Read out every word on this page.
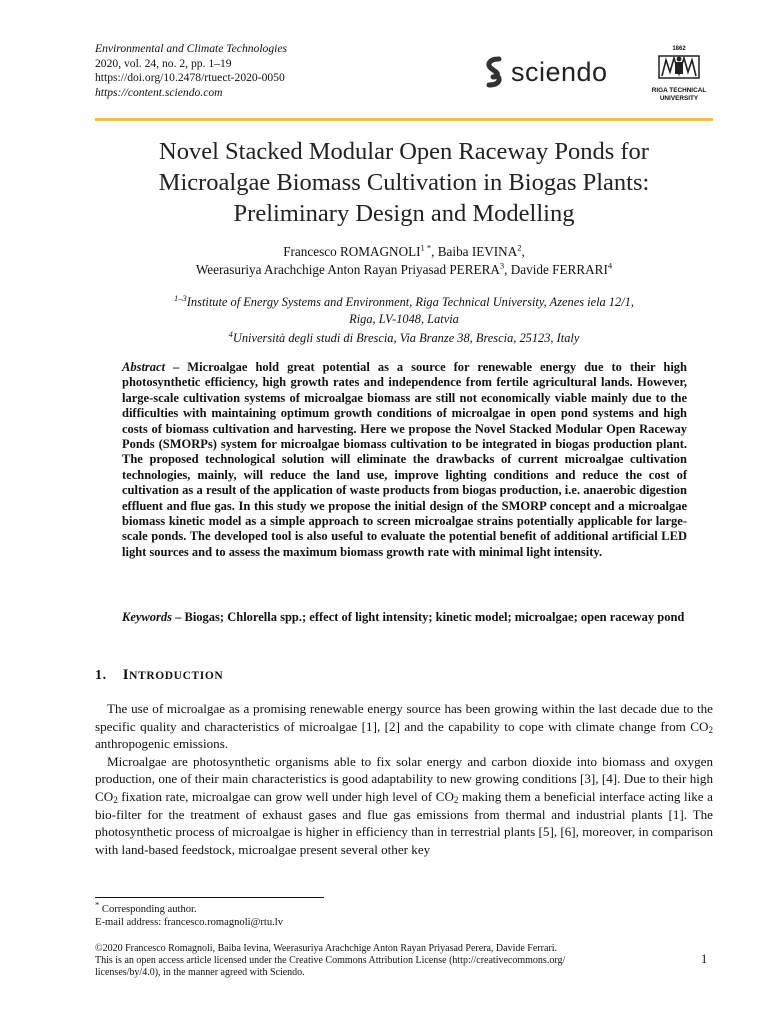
Environmental and Climate Technologies
2020, vol. 24, no. 2, pp. 1–19
https://doi.org/10.2478/rtuect-2020-0050
https://content.sciendo.com
sciendo
1862
RIGA TECHNICAL
UNIVERSITY
Novel Stacked Modular Open Raceway Ponds for
Microalgae Biomass Cultivation in Biogas Plants:
Preliminary Design and Modelling
Francesco $ROMAGNOLI^{1 *}$, Baiba IEVINA$^2$,
Weerasuriya Arachchige Anton Rayan Priyasad PERERA$^3$, Davide FERRARI$^4$
$^{1-3}$Institute of Energy Systems and Environment, Riga Technical University, Azenes iela 12/1,
Riga, LV-1048, Latvia
$^4$Università degli studi di Brescia, Via Branze 38, Brescia, 25123, Italy
Abstract – Microalgae hold great potential as a source for renewable energy due to their high photosynthetic efficiency, high growth rates and independence from fertile agricultural lands. However, large-scale cultivation systems of microalgae biomass are still not economically viable mainly due to the difficulties with maintaining optimum growth conditions of microalgae in open pond systems and high costs of biomass cultivation and harvesting. Here we propose the Novel Stacked Modular Open Raceway Ponds (SMORPs) system for microalgae biomass cultivation to be integrated in biogas production plant. The proposed technological solution will eliminate the drawbacks of current microalgae cultivation technologies, mainly, will reduce the land use, improve lighting conditions and reduce the cost of cultivation as a result of the application of waste products from biogas production, i.e. anaerobic digestion effluent and flue gas. In this study we propose the initial design of the SMORP concept and a microalgae biomass kinetic model as a simple approach to screen microalgae strains potentially applicable for large-scale ponds. The developed tool is also useful to evaluate the potential benefit of additional artificial LED light sources and to assess the maximum biomass growth rate with minimal light intensity.
Keywords – Biogas; Chlorella spp.; effect of light intensity; kinetic model; microalgae; open raceway pond
1. INTRODUCTION

The use of microalgae as a promising renewable energy source has been growing within the last decade due to the specific quality and characteristics of microalgae [1], [2] and the capability to cope with climate change from $CO_2$ anthropogenic emissions.

Microalgae are photosynthetic organisms able to fix solar energy and carbon dioxide into biomass and oxygen production, one of their main characteristics is good adaptability to new growing conditions [3], [4]. Due to their high $CO_2$ fixation rate, microalgae can grow well under high level of $CO_2$ making them a beneficial interface acting like a bio-filter for the treatment of exhaust gases and flue gas emissions from thermal and industrial plants [1]. The photosynthetic process of microalgae is higher in efficiency than in terrestrial plants [5], [6], moreover, in comparison with land-based feedstock, microalgae present several other key

* Corresponding author.
E-mail address: francesco.romagnoli@rtu.lv
©2020 Francesco Romagnoli, Baiba Ievina, Weerasuriya Arachchige Anton Rayan Priyasad Perera, Davide Ferrari.
This is an open access article licensed under the Creative Commons Attribution License (http://creativecommons.org/
licenses/by/4.0), in the manner agreed with Sciendo.
1
